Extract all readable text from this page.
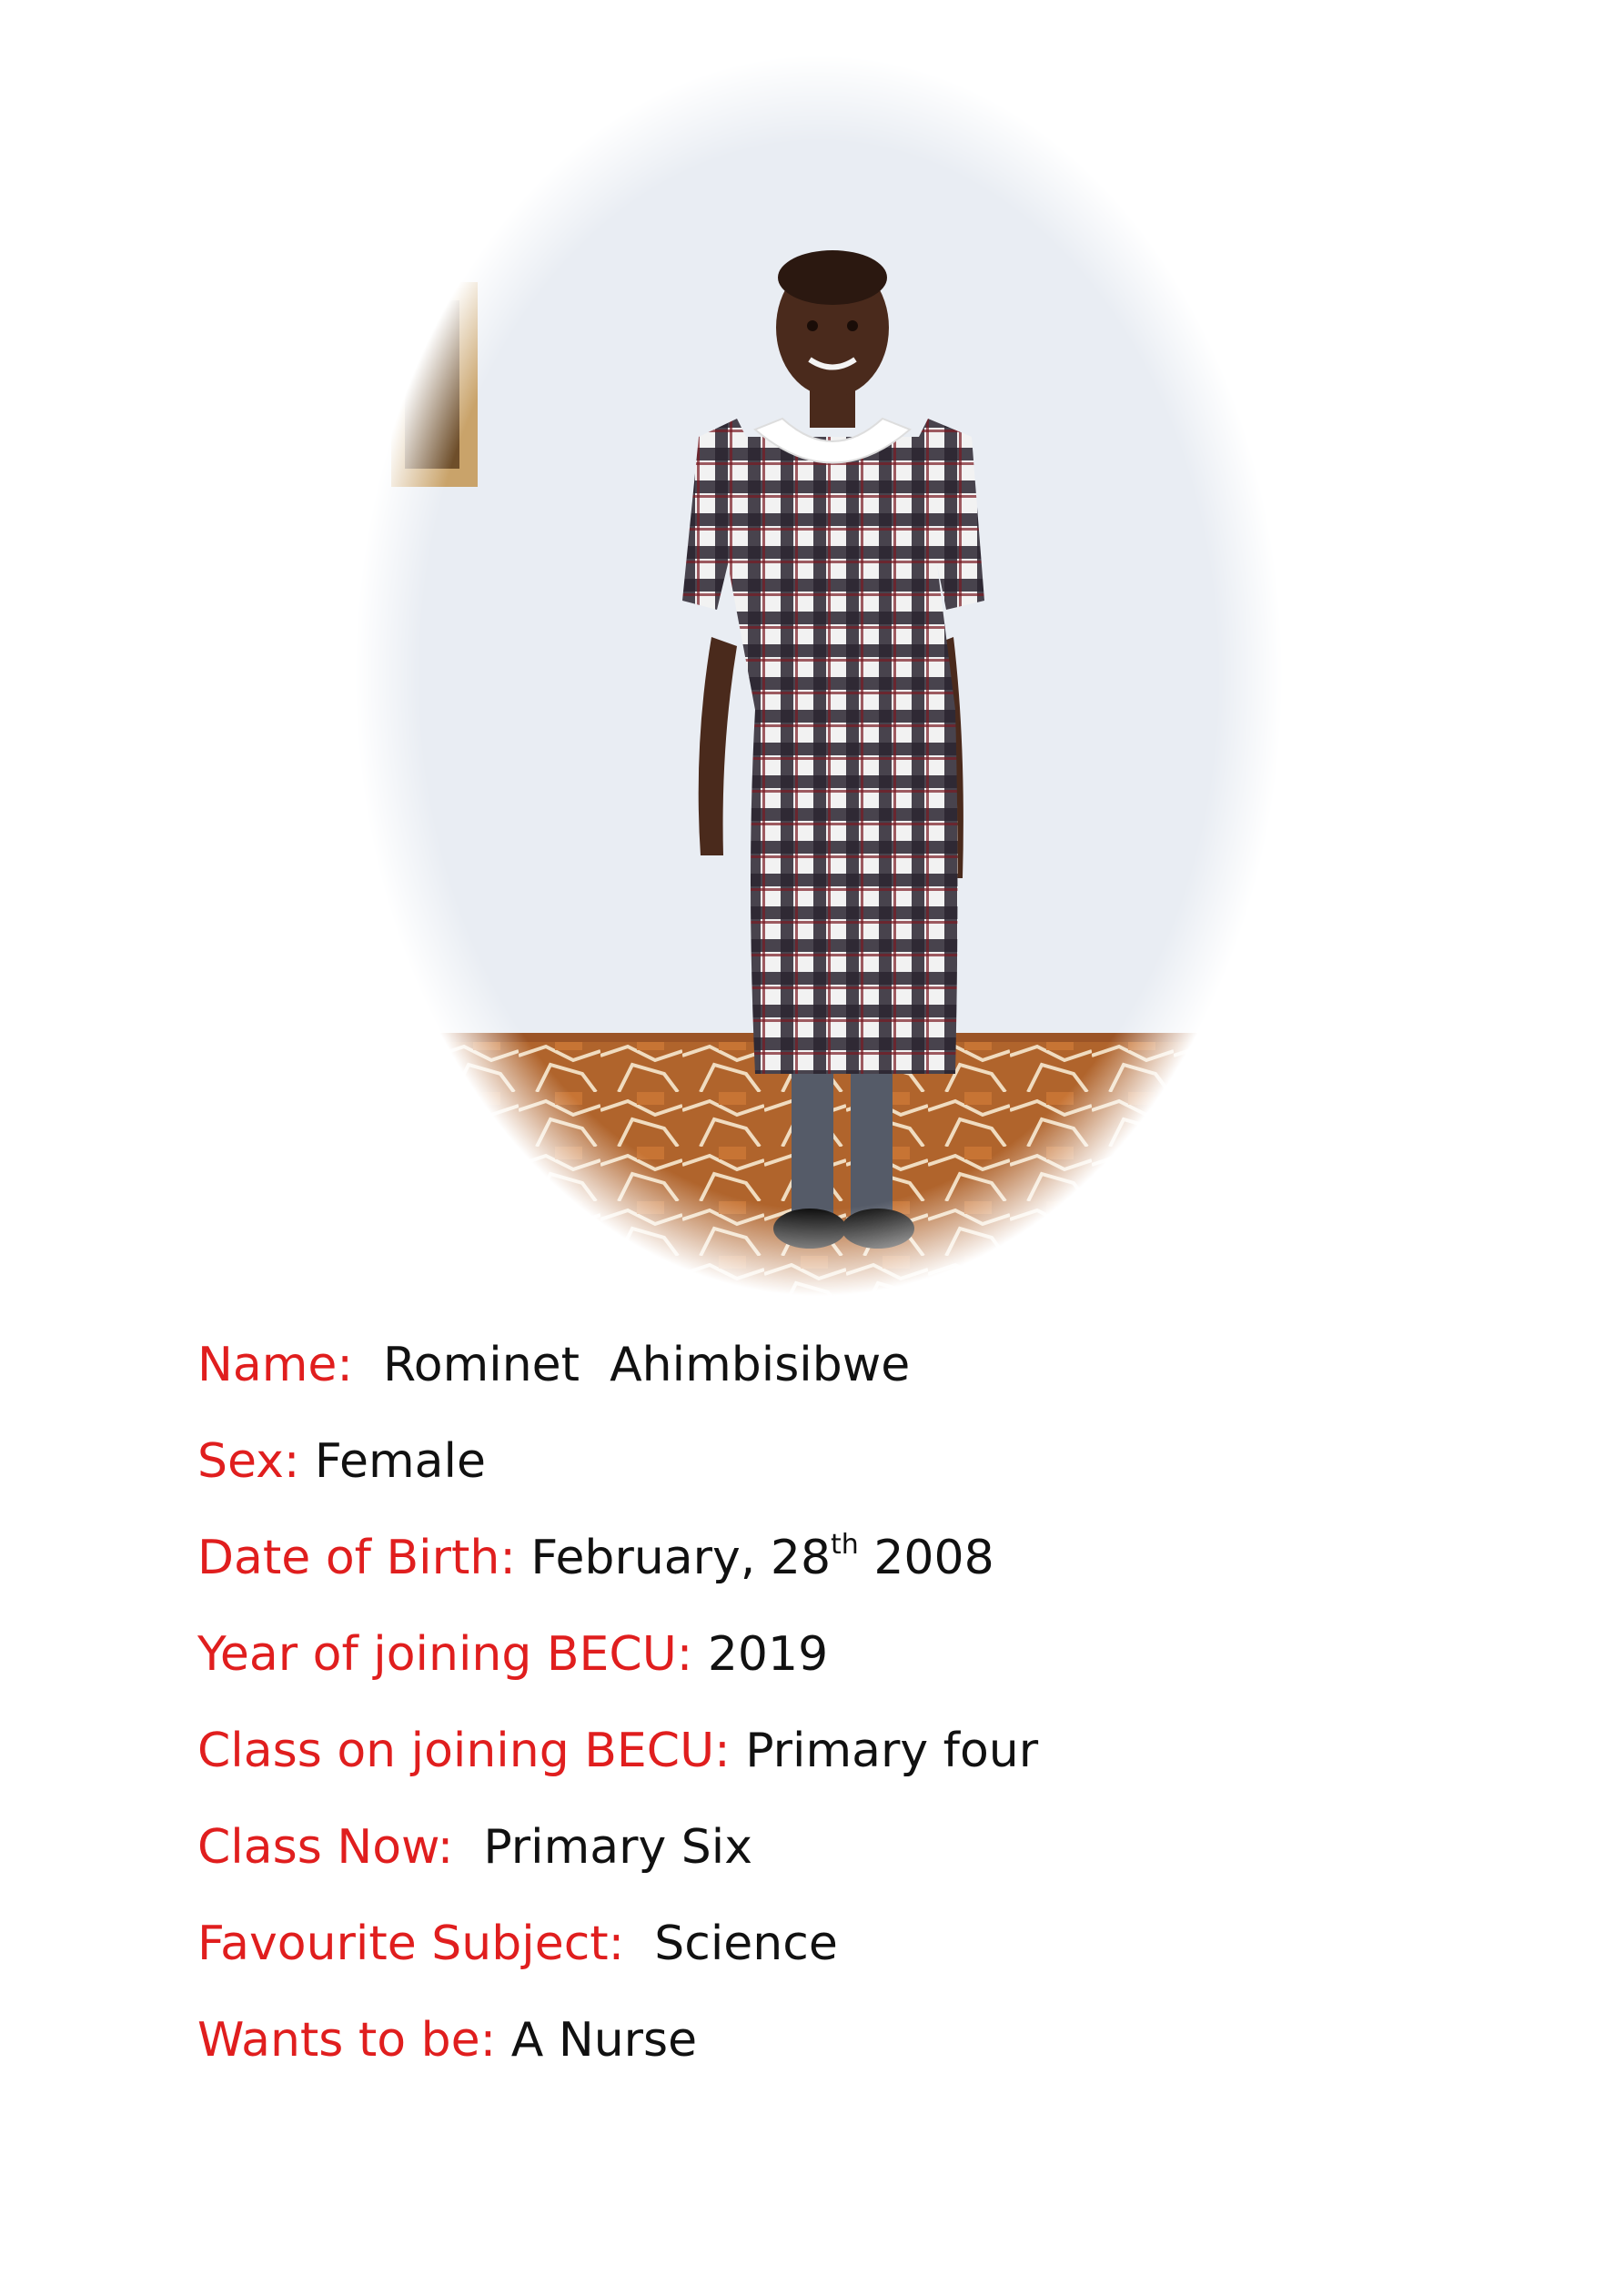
Name: Rominet  Ahimbisibwe
Sex: Female
Date of Birth: February, 28th 2008
Year of joining BECU: 2019
Class on joining BECU: Primary four
Class Now: Primary Six
Favourite Subject: Science
Wants to be: A Nurse
